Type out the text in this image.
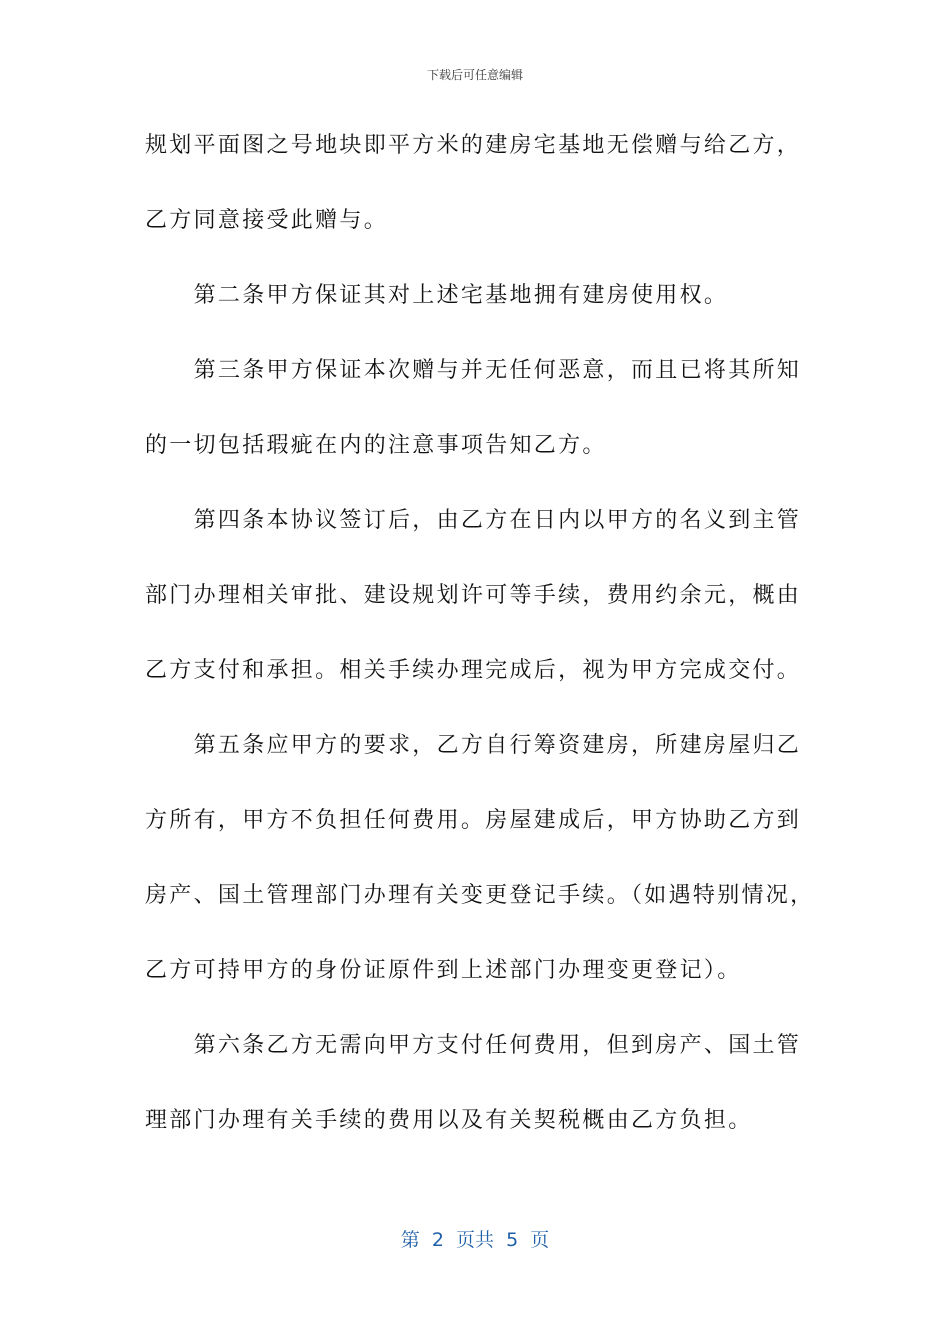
下载后可任意编辑
规划平面图之号地块即平方米的建房宅基地无偿赠与给乙方，
乙方同意接受此赠与。
　　第二条甲方保证其对上述宅基地拥有建房使用权。
　　第三条甲方保证本次赠与并无任何恶意，而且已将其所知
的一切包括瑕疵在内的注意事项告知乙方。
　　第四条本协议签订后，由乙方在日内以甲方的名义到主管
部门办理相关审批、建设规划许可等手续，费用约余元，概由
乙方支付和承担。相关手续办理完成后，视为甲方完成交付。
　　第五条应甲方的要求，乙方自行筹资建房，所建房屋归乙
方所有，甲方不负担任何费用。房屋建成后，甲方协助乙方到
房产、国土管理部门办理有关变更登记手续。（如遇特别情况，
乙方可持甲方的身份证原件到上述部门办理变更登记）。
　　第六条乙方无需向甲方支付任何费用，但到房产、国土管
理部门办理有关手续的费用以及有关契税概由乙方负担。
第  2  页共  5  页
